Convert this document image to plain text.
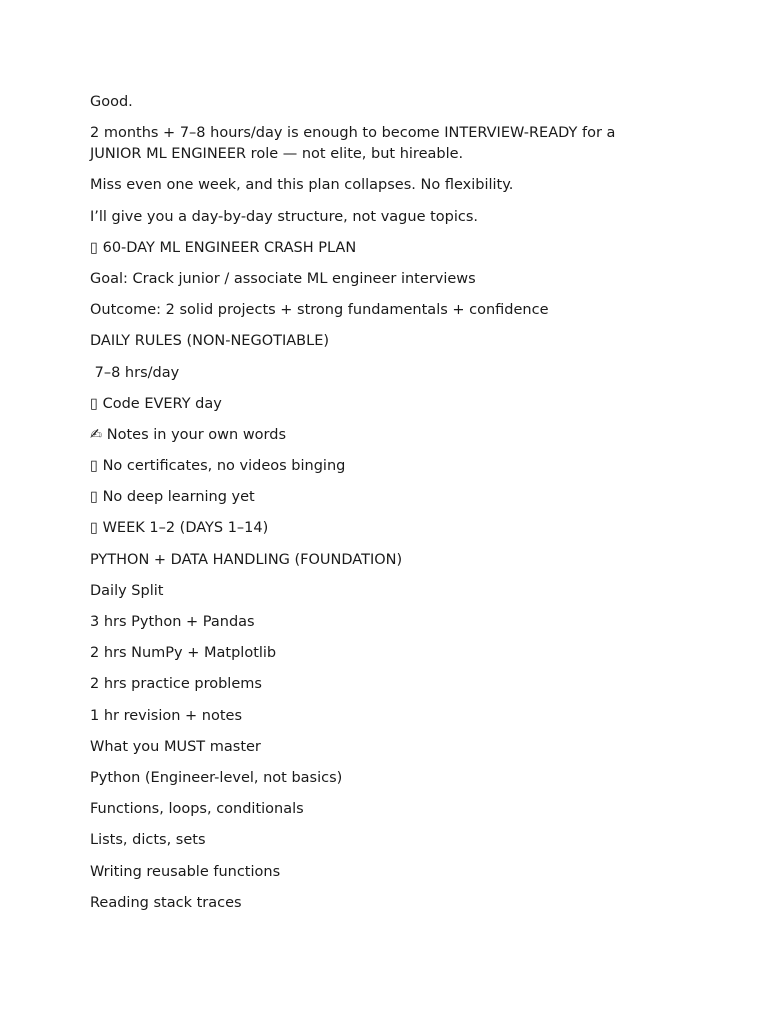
Good.

2 months + 7–8 hours/day is enough to become INTERVIEW-READY for a JUNIOR ML ENGINEER role — not elite, but hireable.

Miss even one week, and this plan collapses. No flexibility.

I’ll give you a day-by-day structure, not vague topics.

▯ 60-DAY ML ENGINEER CRASH PLAN

Goal: Crack junior / associate ML engineer interviews

Outcome: 2 solid projects + strong fundamentals + confidence

DAILY RULES (NON-NEGOTIABLE)

7–8 hrs/day

▯ Code EVERY day

✍ Notes in your own words

▯ No certificates, no videos binging

▯ No deep learning yet

▯ WEEK 1–2 (DAYS 1–14)

PYTHON + DATA HANDLING (FOUNDATION)

Daily Split

3 hrs Python + Pandas

2 hrs NumPy + Matplotlib

2 hrs practice problems

1 hr revision + notes

What you MUST master

Python (Engineer-level, not basics)

Functions, loops, conditionals

Lists, dicts, sets

Writing reusable functions

Reading stack traces
